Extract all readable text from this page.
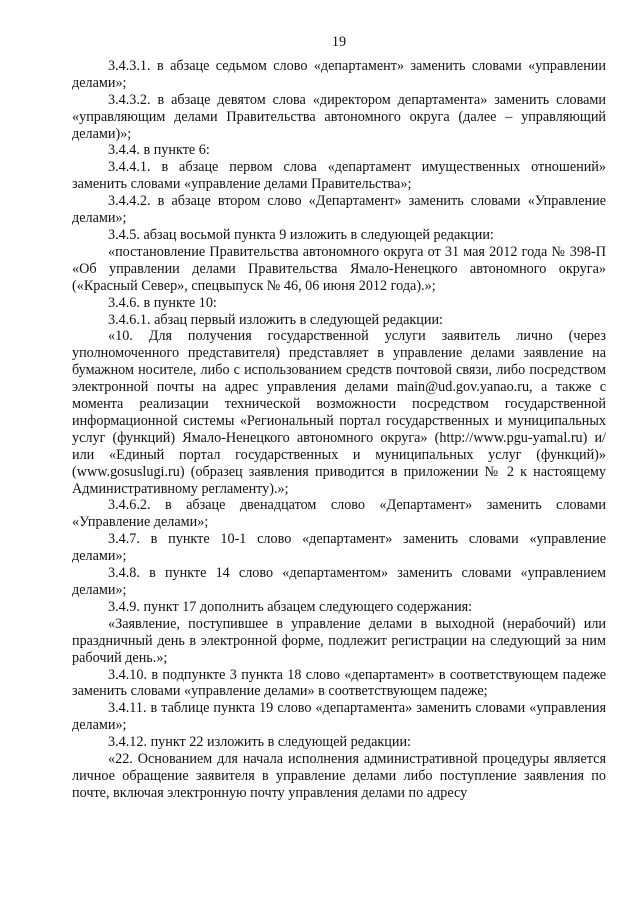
19

3.4.3.1. в абзаце седьмом слово «департамент» заменить словами «управлении делами»;

3.4.3.2. в абзаце девятом слова «директором департамента» заменить словами «управляющим делами Правительства автономного округа (далее – управляющий делами)»;

3.4.4. в пункте 6:

3.4.4.1. в абзаце первом слова «департамент имущественных отношений» заменить словами «управление делами Правительства»;

3.4.4.2. в абзаце втором слово «Департамент» заменить словами «Управление делами»;

3.4.5. абзац восьмой пункта 9 изложить в следующей редакции:

«постановление Правительства автономного округа от 31 мая 2012 года № 398-П «Об управлении делами Правительства Ямало-Ненецкого автономного округа» («Красный Север», спецвыпуск № 46, 06 июня 2012 года).»;

3.4.6. в пункте 10:

3.4.6.1. абзац первый изложить в следующей редакции:

«10. Для получения государственной услуги заявитель лично (через уполномоченного представителя) представляет в управление делами заявление на бумажном носителе, либо с использованием средств почтовой связи, либо посредством электронной почты на адрес управления делами main@ud.gov.yanao.ru, а также с момента реализации технической возможности посредством государственной информационной системы «Региональный портал государственных и муниципальных услуг (функций) Ямало-Ненецкого автономного округа» (http://www.pgu-yamal.ru) и/или «Единый портал государственных и муниципальных услуг (функций)» (www.gosuslugi.ru) (образец заявления приводится в приложении № 2 к настоящему Административному регламенту).»;

3.4.6.2. в абзаце двенадцатом слово «Департамент» заменить словами «Управление делами»;

3.4.7. в пункте 10-1 слово «департамент» заменить словами «управление делами»;

3.4.8. в пункте 14 слово «департаментом» заменить словами «управлением делами»;

3.4.9. пункт 17 дополнить абзацем следующего содержания:

«Заявление, поступившее в управление делами в выходной (нерабочий) или праздничный день в электронной форме, подлежит регистрации на следующий за ним рабочий день.»;

3.4.10. в подпункте 3 пункта 18 слово «департамент» в соответствующем падеже заменить словами «управление делами» в соответствующем падеже;

3.4.11. в таблице пункта 19 слово «департамента» заменить словами «управления делами»;

3.4.12. пункт 22 изложить в следующей редакции:

«22. Основанием для начала исполнения административной процедуры является личное обращение заявителя в управление делами либо поступление заявления по почте, включая электронную почту управления делами по адресу
